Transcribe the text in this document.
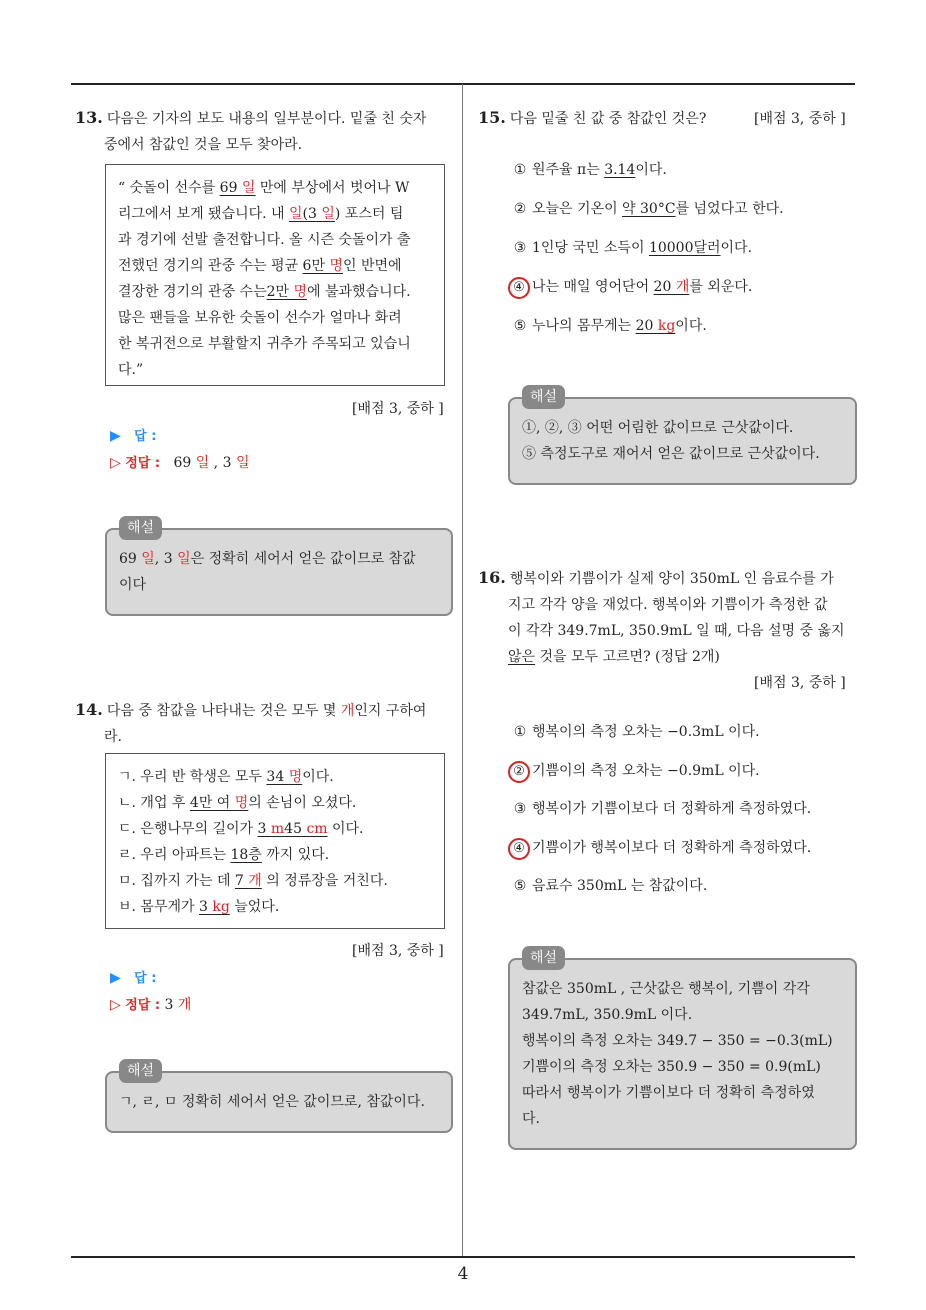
4
13. 다음은 기자의 보도 내용의 일부분이다. 밑줄 친 숫자
중에서 참값인 것을 모두 찾아라.
“ 숫돌이 선수를 69 일 만에 부상에서 벗어나 W
리그에서 보게 됐습니다. 내 일(3 일) 포스터 팀
과 경기에 선발 출전합니다. 올 시즌 숫돌이가 출
전했던 경기의 관중 수는 평균 6만 명인 반면에
결장한 경기의 관중 수는2만 명에 불과했습니다.
많은 팬들을 보유한 숫돌이 선수가 얼마나 화려
한 복귀전으로 부활할지 귀추가 주목되고 있습니
다.”
[배점 3, 중하 ]
▶ 답 :
▷ 정답 : 69 일 , 3 일
해설
69 일, 3 일은 정확히 세어서 얻은 값이므로 참값
이다
14. 다음 중 참값을 나타내는 것은 모두 몇 개인지 구하여
라.
ㄱ. 우리 반 학생은 모두 34 명이다.
ㄴ. 개업 후 4만 여 명의 손님이 오셨다.
ㄷ. 은행나무의 길이가 3 m45 cm 이다.
ㄹ. 우리 아파트는 18층 까지 있다.
ㅁ. 집까지 가는 데 7 개 의 정류장을 거친다.
ㅂ. 몸무게가 3 kg 늘었다.
[배점 3, 중하 ]
▶ 답 :
▷ 정답 : 3 개
해설
ㄱ, ㄹ, ㅁ 정확히 세어서 얻은 값이므로, 참값이다.
15. 다음 밑줄 친 값 중 참값인 것은?	[배점 3, 중하 ]
① 원주율 π는 3.14이다.
② 오늘은 기온이 약 30°C를 넘었다고 한다.
③ 1인당 국민 소득이 10000달러이다.
④ 나는 매일 영어단어 20 개를 외운다.
⑤ 누나의 몸무게는 20 kg이다.
해설
①, ②, ③ 어떤 어림한 값이므로 근삿값이다.
⑤ 측정도구로 재어서 얻은 값이므로 근삿값이다.
16. 행복이와 기쁨이가 실제 양이 350mL 인 음료수를 가
지고 각각 양을 재었다. 행복이와 기쁨이가 측정한 값
이 각각 349.7mL, 350.9mL 일 때, 다음 설명 중 옳지
않은 것을 모두 고르면? (정답 2개)
[배점 3, 중하 ]
① 행복이의 측정 오차는 −0.3mL 이다.
② 기쁨이의 측정 오차는 −0.9mL 이다.
③ 행복이가 기쁨이보다 더 정확하게 측정하였다.
④ 기쁨이가 행복이보다 더 정확하게 측정하였다.
⑤ 음료수 350mL 는 참값이다.
해설
참값은 350mL , 근삿값은 행복이, 기쁨이 각각
349.7mL, 350.9mL 이다.
행복이의 측정 오차는 349.7 − 350 = −0.3(mL)
기쁨이의 측정 오차는 350.9 − 350 = 0.9(mL)
따라서 행복이가 기쁨이보다 더 정확히 측정하였
다.
